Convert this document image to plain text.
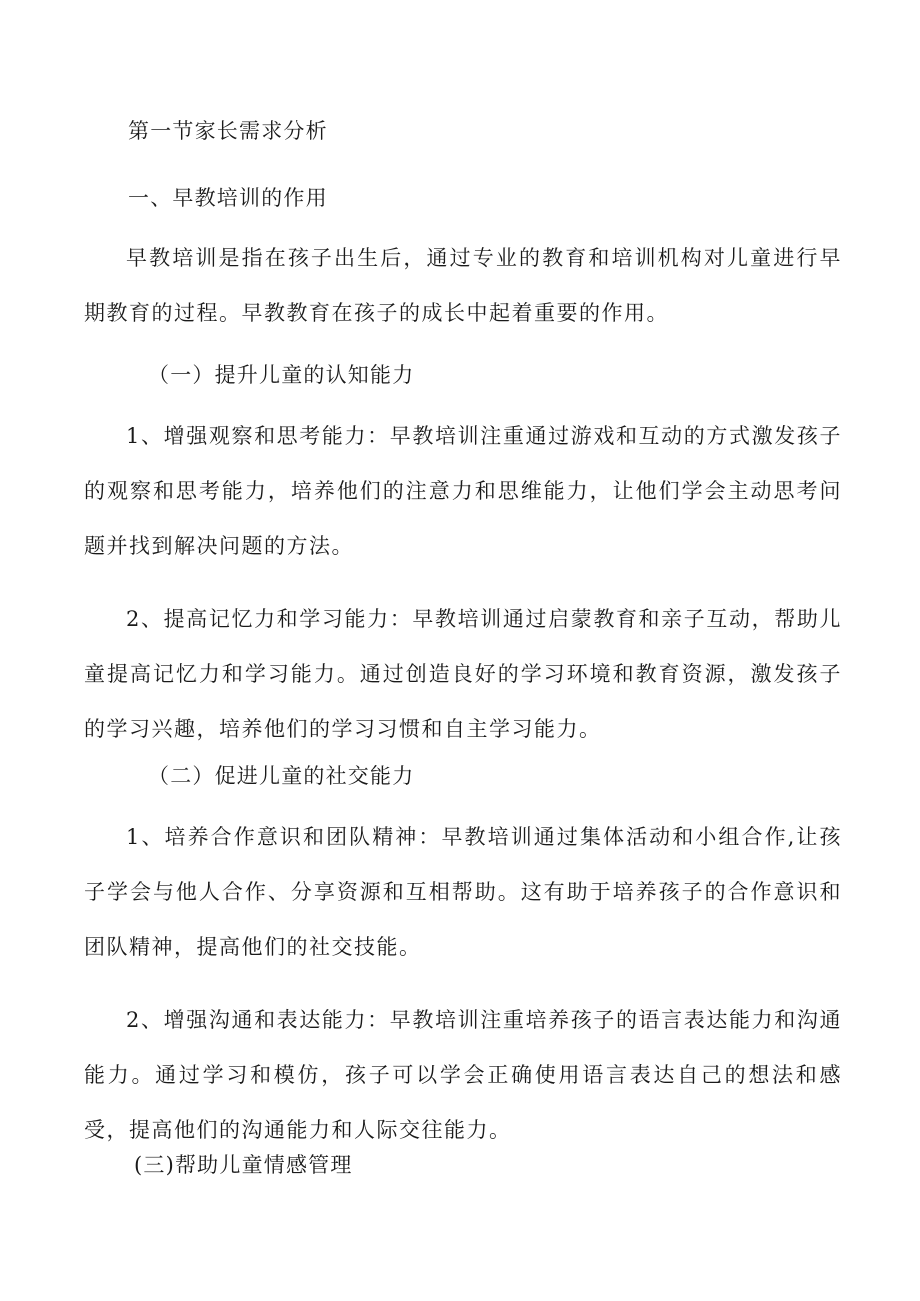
第一节家长需求分析
一、早教培训的作用

早教培训是指在孩子出生后，通过专业的教育和培训机构对儿童进行早期教育的过程。早教教育在孩子的成长中起着重要的作用。

（一）提升儿童的认知能力

1、增强观察和思考能力：早教培训注重通过游戏和互动的方式激发孩子的观察和思考能力，培养他们的注意力和思维能力，让他们学会主动思考问题并找到解决问题的方法。

2、提高记忆力和学习能力：早教培训通过启蒙教育和亲子互动，帮助儿童提高记忆力和学习能力。通过创造良好的学习环境和教育资源，激发孩子的学习兴趣，培养他们的学习习惯和自主学习能力。

（二）促进儿童的社交能力

1、培养合作意识和团队精神：早教培训通过集体活动和小组合作,让孩子学会与他人合作、分享资源和互相帮助。这有助于培养孩子的合作意识和团队精神，提高他们的社交技能。

2、增强沟通和表达能力：早教培训注重培养孩子的语言表达能力和沟通能力。通过学习和模仿，孩子可以学会正确使用语言表达自己的想法和感受，提高他们的沟通能力和人际交往能力。

(三)帮助儿童情感管理
